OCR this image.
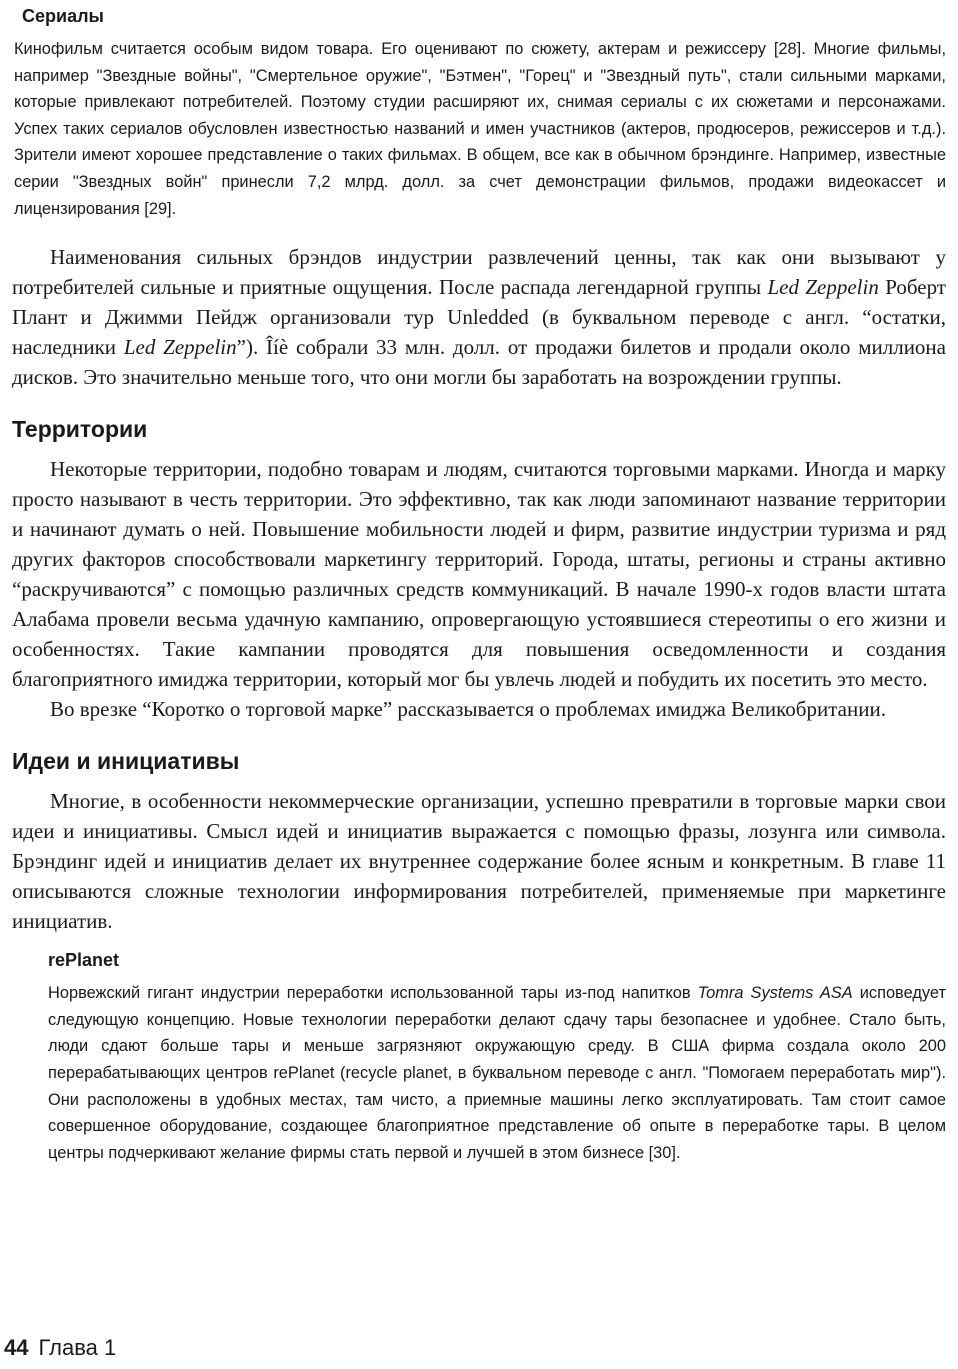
Сериалы

Кинофильм считается особым видом товара. Его оценивают по сюжету, актерам и режиссеру [28]. Многие фильмы, например "Звездные войны", "Смертельное оружие", "Бэтмен", "Горец" и "Звездный путь", стали сильными марками, которые привлекают потребителей. Поэтому студии расширяют их, снимая сериалы с их сюжетами и персонажами. Успех таких сериалов обусловлен известностью названий и имен участников (актеров, продюсеров, режиссеров и т.д.). Зрители имеют хорошее представление о таких фильмах. В общем, все как в обычном брэндинге. Например, известные серии "Звездных войн" принесли 7,2 млрд. долл. за счет демонстрации фильмов, продажи видеокассет и лицензирования [29].

Наименования сильных брэндов индустрии развлечений ценны, так как они вызывают у потребителей сильные и приятные ощущения. После распада легендарной группы Led Zeppelin Роберт Плант и Джимми Пейдж организовали тур Unledded (в буквальном переводе с англ. “остатки, наследники Led Zeppelin”). Îíè собрали 33 млн. долл. от продажи билетов и продали около миллиона дисков. Это значительно меньше того, что они могли бы заработать на возрождении группы.

Территории

Некоторые территории, подобно товарам и людям, считаются торговыми марками. Иногда и марку просто называют в честь территории. Это эффективно, так как люди запоминают название территории и начинают думать о ней. Повышение мобильности людей и фирм, развитие индустрии туризма и ряд других факторов способствовали маркетингу территорий. Города, штаты, регионы и страны активно “раскручиваются” с помощью различных средств коммуникаций. В начале 1990-х годов власти штата Алабама провели весьма удачную кампанию, опровергающую устоявшиеся стереотипы о его жизни и особенностях. Такие кампании проводятся для повышения осведомленности и создания благоприятного имиджа территории, который мог бы увлечь людей и побудить их посетить это место.

Во врезке “Коротко о торговой марке” рассказывается о проблемах имиджа Великобритании.

Идеи и инициативы

Многие, в особенности некоммерческие организации, успешно превратили в торговые марки свои идеи и инициативы. Смысл идей и инициатив выражается с помощью фразы, лозунга или символа. Брэндинг идей и инициатив делает их внутреннее содержание более ясным и конкретным. В главе 11 описываются сложные технологии информирования потребителей, применяемые при маркетинге инициатив.

rePlanet

Норвежский гигант индустрии переработки использованной тары из-под напитков Tomra Systems ASA исповедует следующую концепцию. Новые технологии переработки делают сдачу тары безопаснее и удобнее. Стало быть, люди сдают больше тары и меньше загрязняют окружающую среду. В США фирма создала около 200 перерабатывающих центров rePlanet (recycle planet, в буквальном переводе с англ. "Помогаем переработать мир"). Они расположены в удобных местах, там чисто, а приемные машины легко эксплуатировать. Там стоит самое совершенное оборудование, создающее благоприятное представление об опыте в переработке тары. В целом центры подчеркивают желание фирмы стать первой и лучшей в этом бизнесе [30].

44 Глава 1
